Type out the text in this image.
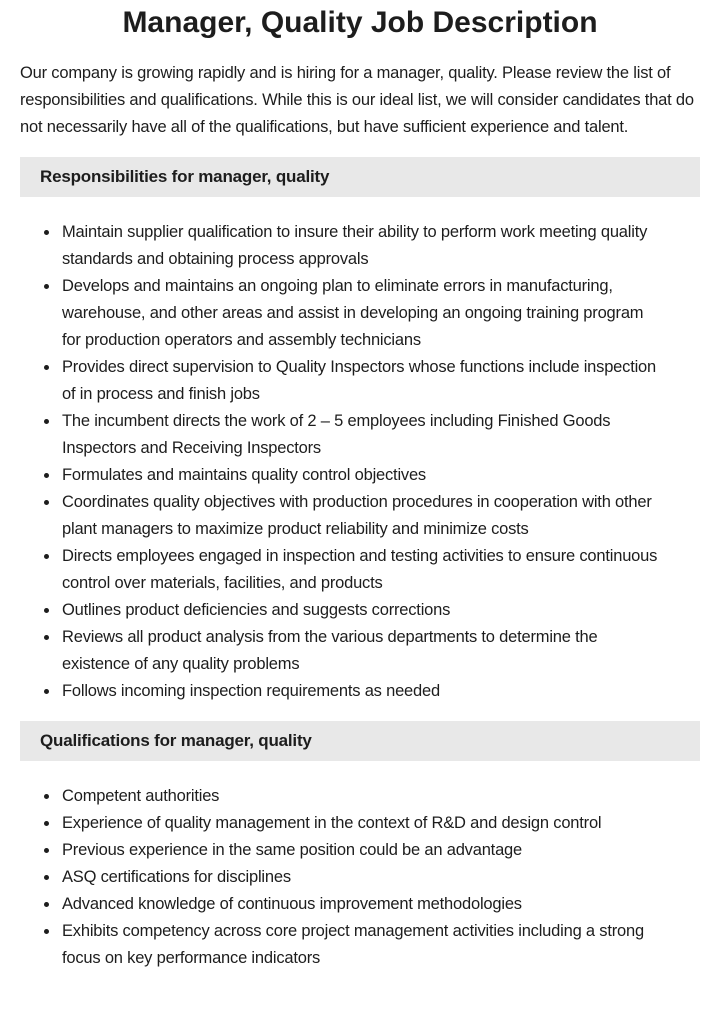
Manager, Quality Job Description

Our company is growing rapidly and is hiring for a manager, quality. Please review the list of responsibilities and qualifications. While this is our ideal list, we will consider candidates that do not necessarily have all of the qualifications, but have sufficient experience and talent.

Responsibilities for manager, quality
• Maintain supplier qualification to insure their ability to perform work meeting quality standards and obtaining process approvals
• Develops and maintains an ongoing plan to eliminate errors in manufacturing, warehouse, and other areas and assist in developing an ongoing training program for production operators and assembly technicians
• Provides direct supervision to Quality Inspectors whose functions include inspection of in process and finish jobs
• The incumbent directs the work of 2 – 5 employees including Finished Goods Inspectors and Receiving Inspectors
• Formulates and maintains quality control objectives
• Coordinates quality objectives with production procedures in cooperation with other plant managers to maximize product reliability and minimize costs
• Directs employees engaged in inspection and testing activities to ensure continuous control over materials, facilities, and products
• Outlines product deficiencies and suggests corrections
• Reviews all product analysis from the various departments to determine the existence of any quality problems
• Follows incoming inspection requirements as needed
Qualifications for manager, quality
• Competent authorities
• Experience of quality management in the context of R&D and design control
• Previous experience in the same position could be an advantage
• ASQ certifications for disciplines
• Advanced knowledge of continuous improvement methodologies
• Exhibits competency across core project management activities including a strong focus on key performance indicators
